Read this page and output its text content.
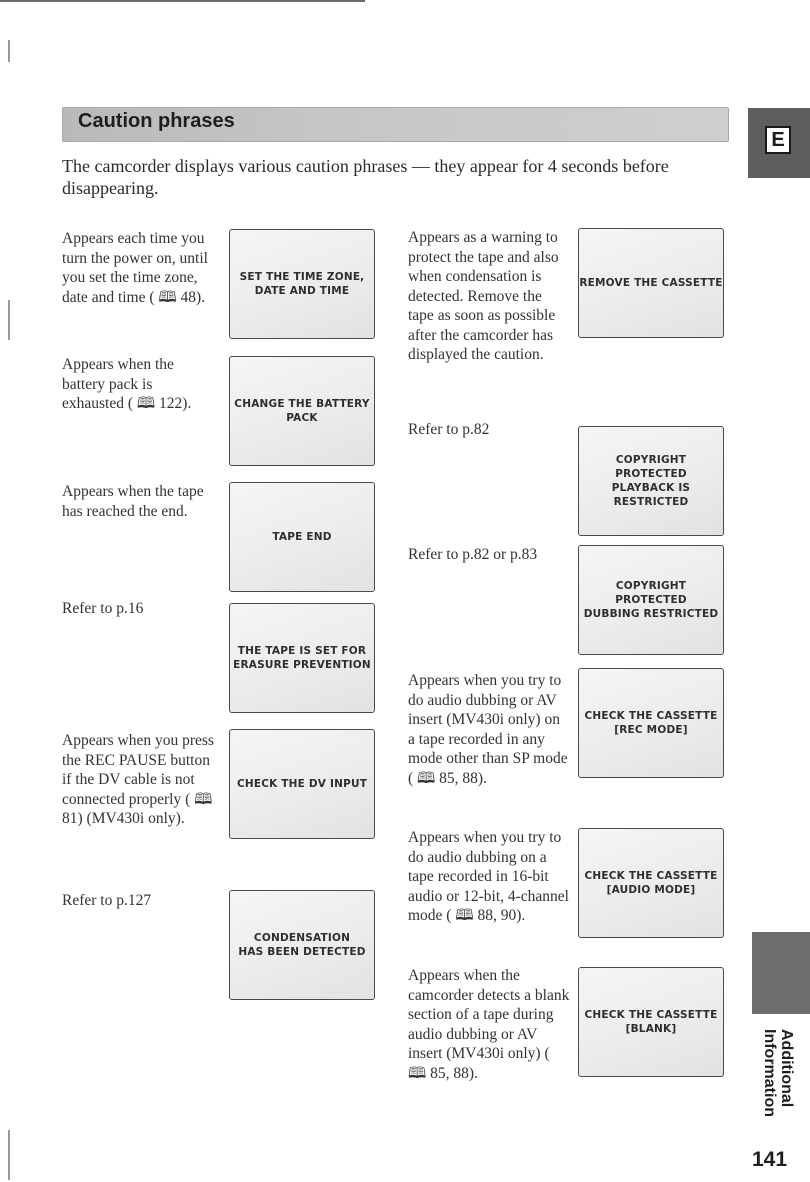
Caution phrases
E
The camcorder displays various caution phrases — they appear for 4 seconds before disappearing.
Appears each time you turn the power on, until you set the time zone, date and time ( 🕮 48).
SET THE TIME ZONE,
DATE AND TIME
Appears when the battery pack is exhausted ( 🕮 122).	CHANGE THE BATTERY PACK
Appears when the tape has reached the end.
TAPE END
Refer to p.16
THE TAPE IS SET FOR
ERASURE PREVENTION
Appears when you press the REC PAUSE button if the DV cable is not connected properly ( 🕮 81) (MV430i only).
CHECK THE DV INPUT
Refer to p.127
CONDENSATION
HAS BEEN DETECTED
Appears as a warning to protect the tape and also when condensation is detected. Remove the tape as soon as possible after the camcorder has displayed the caution.
REMOVE THE CASSETTE
Refer to p.82
COPYRIGHT PROTECTED
PLAYBACK IS RESTRICTED
Refer to p.82 or p.83
COPYRIGHT PROTECTED
DUBBING RESTRICTED
Appears when you try to do audio dubbing or AV insert (MV430i only) on a tape recorded in any mode other than SP mode ( 🕮 85, 88).
CHECK THE CASSETTE
[REC MODE]
Appears when you try to do audio dubbing on a tape recorded in 16-bit audio or 12-bit, 4-channel mode ( 🕮 88, 90).
CHECK THE CASSETTE
[AUDIO MODE]
Appears when the camcorder detects a blank section of a tape during audio dubbing or AV insert (MV430i only) ( 🕮 85, 88).
CHECK THE CASSETTE
[BLANK]	Additional
Information
141
